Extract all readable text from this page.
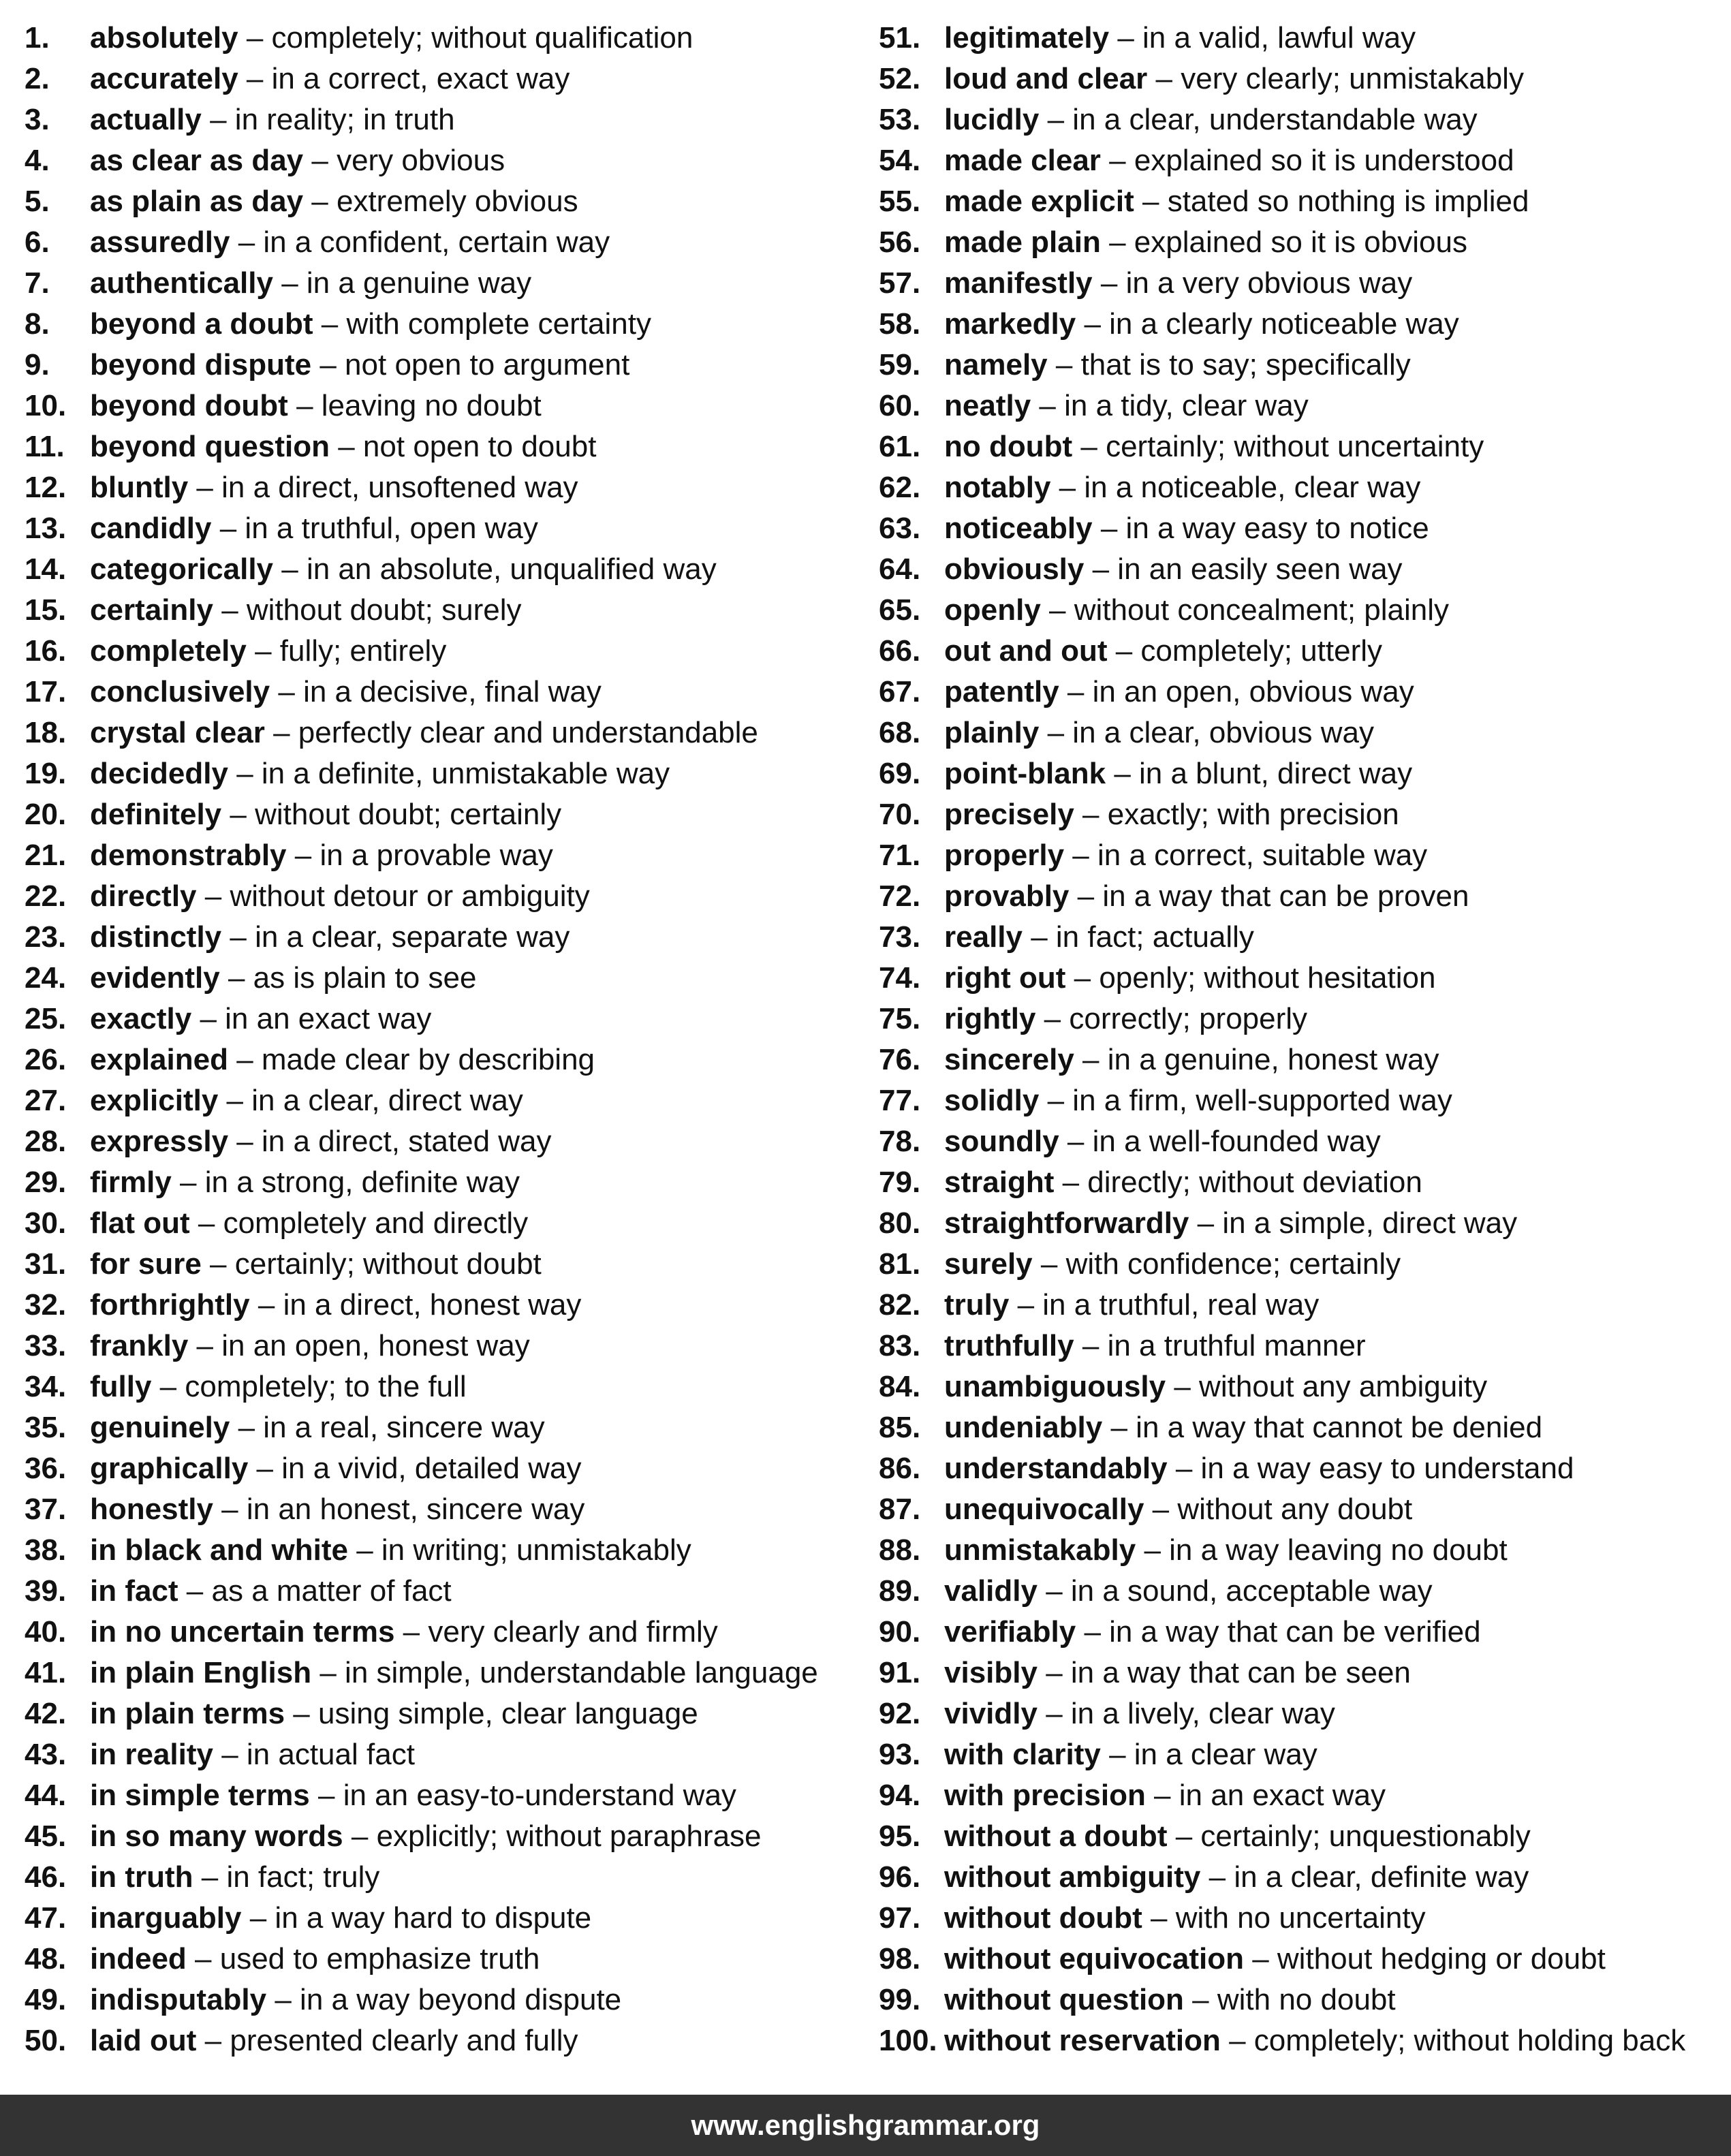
1.	absolutely – completely; without qualification
2.	accurately – in a correct, exact way
3.	actually – in reality; in truth
4.	as clear as day – very obvious
5.	as plain as day – extremely obvious
6.	assuredly – in a confident, certain way
7.	authentically – in a genuine way
8.	beyond a doubt – with complete certainty
9.	beyond dispute – not open to argument
10. beyond doubt – leaving no doubt
11. beyond question – not open to doubt
12. bluntly – in a direct, unsoftened way
13. candidly – in a truthful, open way
14. categorically – in an absolute, unqualified way
15. certainly – without doubt; surely
16. completely – fully; entirely
17. conclusively – in a decisive, final way
18. crystal clear – perfectly clear and understandable
19. decidedly – in a definite, unmistakable way
20. definitely – without doubt; certainly
21. demonstrably – in a provable way
22. directly – without detour or ambiguity
23. distinctly – in a clear, separate way
24. evidently – as is plain to see
25. exactly – in an exact way
26. explained – made clear by describing
27. explicitly – in a clear, direct way
28. expressly – in a direct, stated way
29. firmly – in a strong, definite way
30. flat out – completely and directly
31. for sure – certainly; without doubt
32. forthrightly – in a direct, honest way
33. frankly – in an open, honest way
34. fully – completely; to the full
35. genuinely – in a real, sincere way
36. graphically – in a vivid, detailed way
37. honestly – in an honest, sincere way
38. in black and white – in writing; unmistakably
39. in fact – as a matter of fact
40. in no uncertain terms – very clearly and firmly
41. in plain English – in simple, understandable language
42. in plain terms – using simple, clear language
43. in reality – in actual fact
44. in simple terms – in an easy-to-understand way
45. in so many words – explicitly; without paraphrase
46. in truth – in fact; truly
47. inarguably – in a way hard to dispute
48. indeed – used to emphasize truth
49. indisputably – in a way beyond dispute
50. laid out – presented clearly and fully
51. legitimately – in a valid, lawful way
52. loud and clear – very clearly; unmistakably
53. lucidly – in a clear, understandable way
54. made clear – explained so it is understood
55. made explicit – stated so nothing is implied
56. made plain – explained so it is obvious
57. manifestly – in a very obvious way
58. markedly – in a clearly noticeable way
59. namely – that is to say; specifically
60. neatly – in a tidy, clear way
61. no doubt – certainly; without uncertainty
62. notably – in a noticeable, clear way
63. noticeably – in a way easy to notice
64. obviously – in an easily seen way
65. openly – without concealment; plainly
66. out and out – completely; utterly
67. patently – in an open, obvious way
68. plainly – in a clear, obvious way
69. point-blank – in a blunt, direct way
70. precisely – exactly; with precision
71. properly – in a correct, suitable way
72. provably – in a way that can be proven
73. really – in fact; actually
74. right out – openly; without hesitation
75. rightly – correctly; properly
76. sincerely – in a genuine, honest way
77. solidly – in a firm, well-supported way
78. soundly – in a well-founded way
79. straight – directly; without deviation
80. straightforwardly – in a simple, direct way
81. surely – with confidence; certainly
82. truly – in a truthful, real way
83. truthfully – in a truthful manner
84. unambiguously – without any ambiguity
85. undeniably – in a way that cannot be denied
86. understandably – in a way easy to understand
87. unequivocally – without any doubt
88. unmistakably – in a way leaving no doubt
89. validly – in a sound, acceptable way
90. verifiably – in a way that can be verified
91. visibly – in a way that can be seen
92. vividly – in a lively, clear way
93. with clarity – in a clear way
94. with precision – in an exact way
95. without a doubt – certainly; unquestionably
96. without ambiguity – in a clear, definite way
97. without doubt – with no uncertainty
98. without equivocation – without hedging or doubt
99. without question – with no doubt
100. without reservation – completely; without holding back
www.englishgrammar.org
